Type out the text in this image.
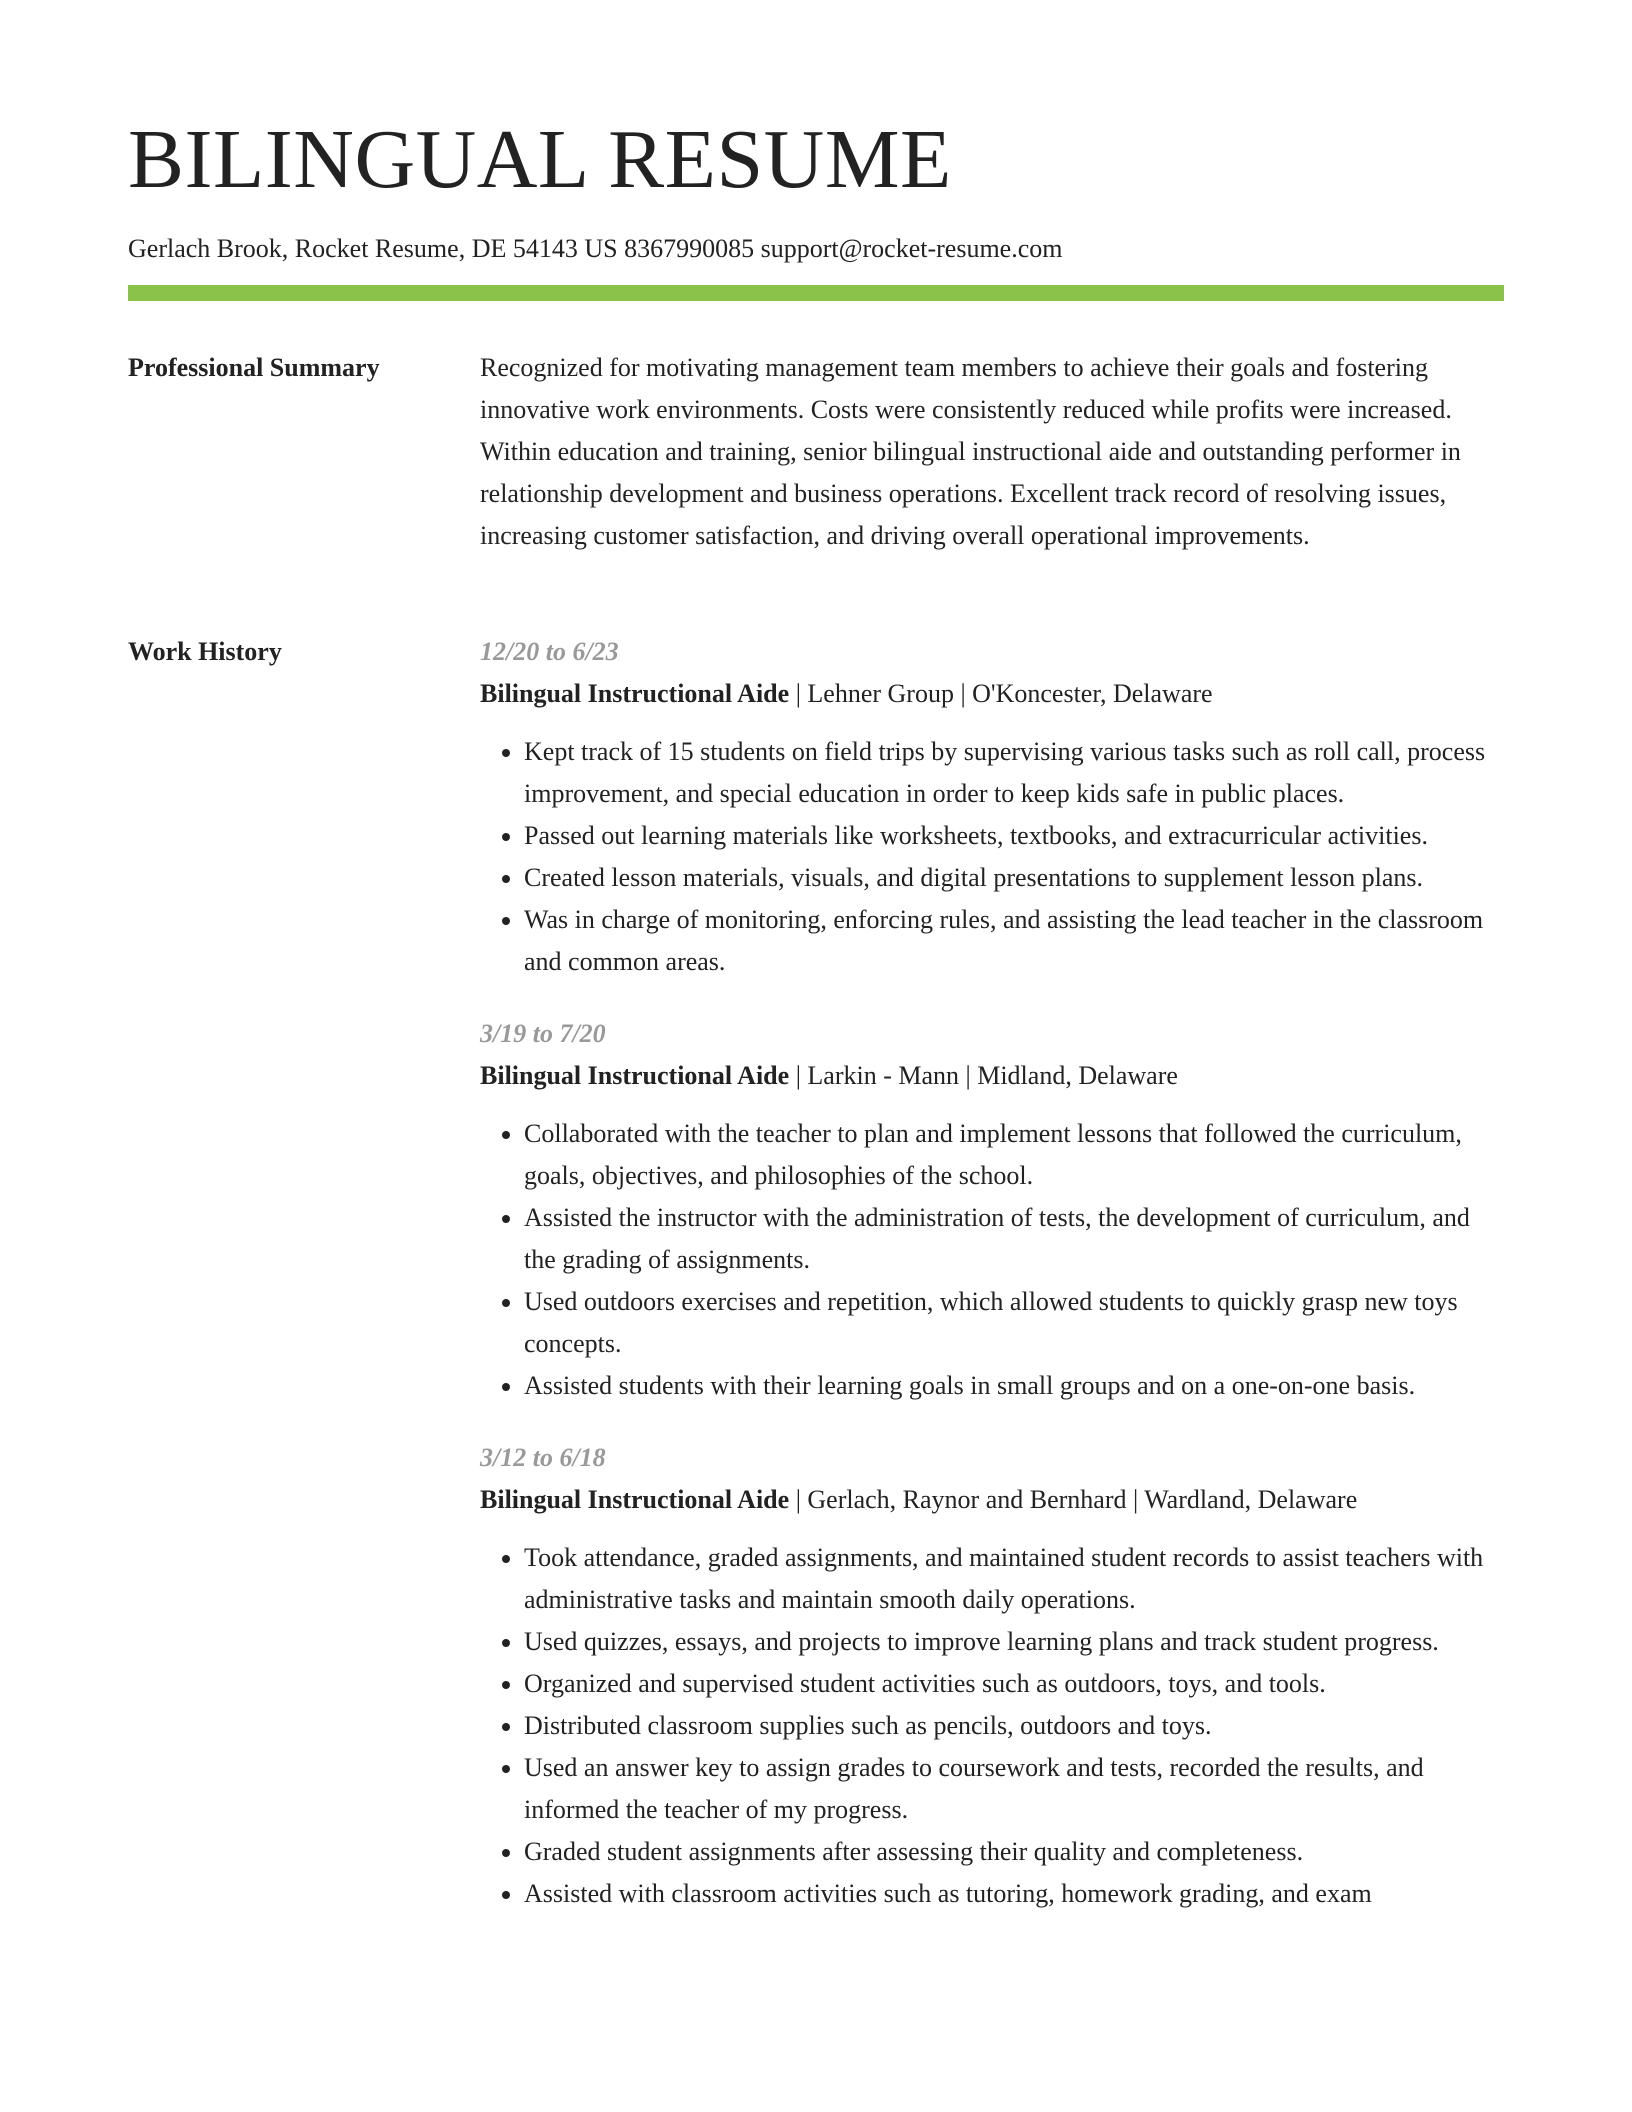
BILINGUAL RESUME
Gerlach Brook, Rocket Resume, DE 54143 US 8367990085 support@rocket-resume.com
Professional Summary	Recognized for motivating management team members to achieve their goals and fostering innovative work environments. Costs were consistently reduced while profits were increased. Within education and training, senior bilingual instructional aide and outstanding performer in relationship development and business operations. Excellent track record of resolving issues, increasing customer satisfaction, and driving overall operational improvements.

Work History	12/20 to 6/23
Bilingual Instructional Aide | Lehner Group | O'Koncester, Delaware
• Kept track of 15 students on field trips by supervising various tasks such as roll call, process improvement, and special education in order to keep kids safe in public places.
• Passed out learning materials like worksheets, textbooks, and extracurricular activities.
• Created lesson materials, visuals, and digital presentations to supplement lesson plans.
• Was in charge of monitoring, enforcing rules, and assisting the lead teacher in the classroom and common areas.
3/19 to 7/20
Bilingual Instructional Aide | Larkin - Mann | Midland, Delaware
• Collaborated with the teacher to plan and implement lessons that followed the curriculum, goals, objectives, and philosophies of the school.
• Assisted the instructor with the administration of tests, the development of curriculum, and the grading of assignments.
• Used outdoors exercises and repetition, which allowed students to quickly grasp new toys concepts.
• Assisted students with their learning goals in small groups and on a one-on-one basis.
3/12 to 6/18
Bilingual Instructional Aide | Gerlach, Raynor and Bernhard | Wardland, Delaware
• Took attendance, graded assignments, and maintained student records to assist teachers with administrative tasks and maintain smooth daily operations.
• Used quizzes, essays, and projects to improve learning plans and track student progress.
• Organized and supervised student activities such as outdoors, toys, and tools.
• Distributed classroom supplies such as pencils, outdoors and toys.
• Used an answer key to assign grades to coursework and tests, recorded the results, and informed the teacher of my progress.
• Graded student assignments after assessing their quality and completeness.
• Assisted with classroom activities such as tutoring, homework grading, and exam
